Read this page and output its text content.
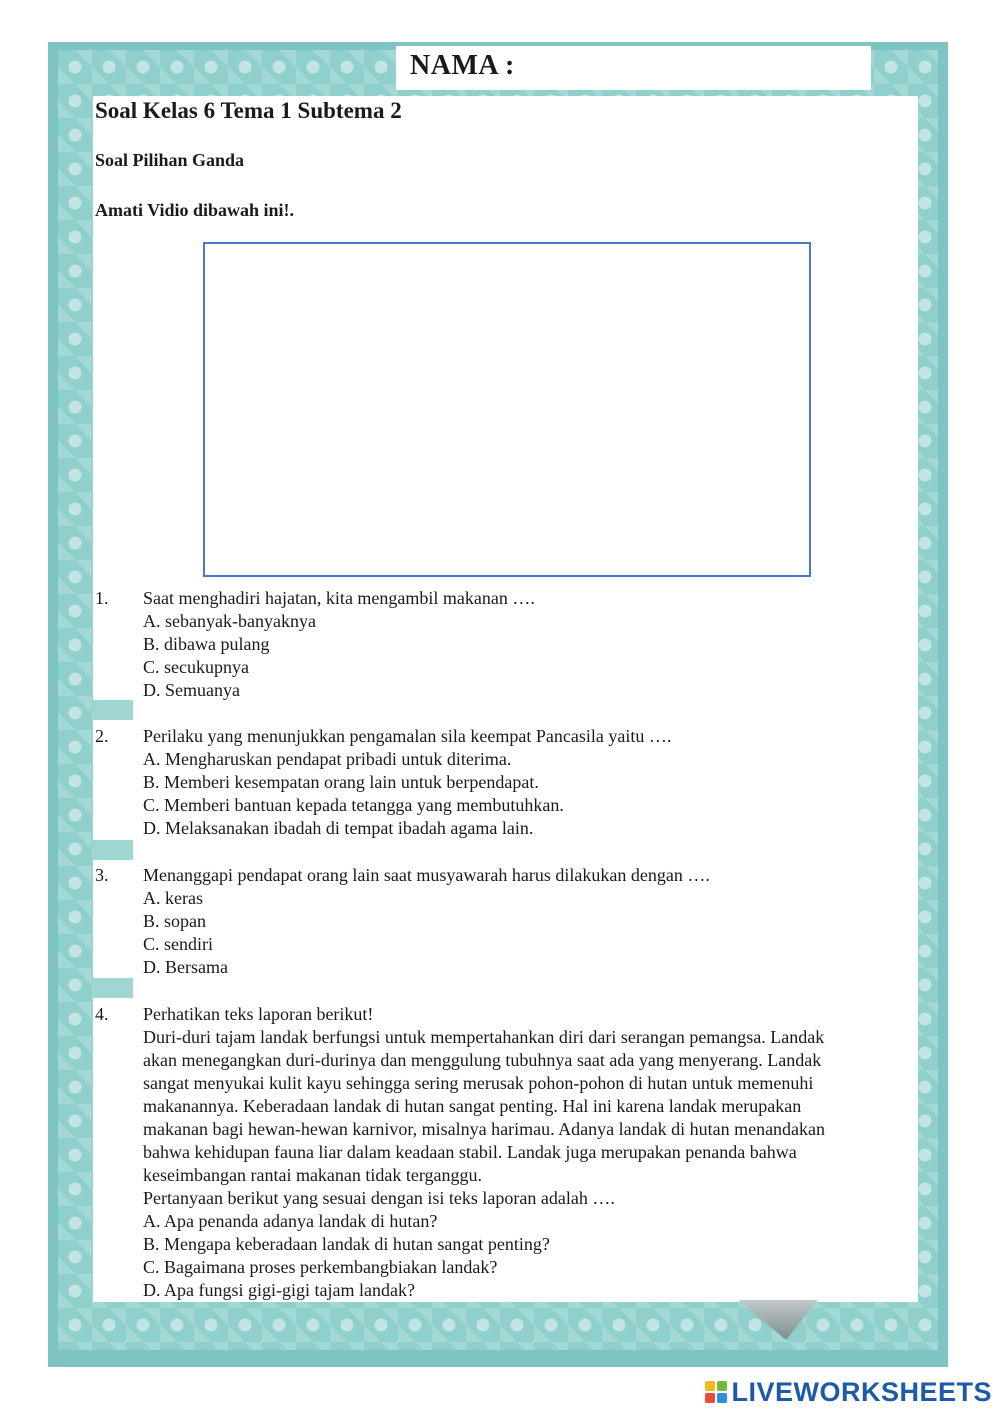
NAMA :
Soal Kelas 6 Tema 1 Subtema 2
Soal Pilihan Ganda
Amati Vidio dibawah ini!.
1.	Saat menghadiri hajatan, kita mengambil makanan ….
A. sebanyak-banyaknya
B. dibawa pulang
C. secukupnya
D. Semuanya
2.	Perilaku yang menunjukkan pengamalan sila keempat Pancasila yaitu ….
A. Mengharuskan pendapat pribadi untuk diterima.
B. Memberi kesempatan orang lain untuk berpendapat.
C. Memberi bantuan kepada tetangga yang membutuhkan.
D. Melaksanakan ibadah di tempat ibadah agama lain.
3.	Menanggapi pendapat orang lain saat musyawarah harus dilakukan dengan ….
A. keras
B. sopan
C. sendiri
D. Bersama
4.	Perhatikan teks laporan berikut!
Duri-duri tajam landak berfungsi untuk mempertahankan diri dari serangan pemangsa. Landak
akan menegangkan duri-durinya dan menggulung tubuhnya saat ada yang menyerang. Landak
sangat menyukai kulit kayu sehingga sering merusak pohon-pohon di hutan untuk memenuhi
makanannya. Keberadaan landak di hutan sangat penting. Hal ini karena landak merupakan
makanan bagi hewan-hewan karnivor, misalnya harimau. Adanya landak di hutan menandakan
bahwa kehidupan fauna liar dalam keadaan stabil. Landak juga merupakan penanda bahwa
keseimbangan rantai makanan tidak terganggu.
Pertanyaan berikut yang sesuai dengan isi teks laporan adalah ….
A. Apa penanda adanya landak di hutan?
B. Mengapa keberadaan landak di hutan sangat penting?
C. Bagaimana proses perkembangbiakan landak?
D. Apa fungsi gigi-gigi tajam landak?
LIVEWORKSHEETS
